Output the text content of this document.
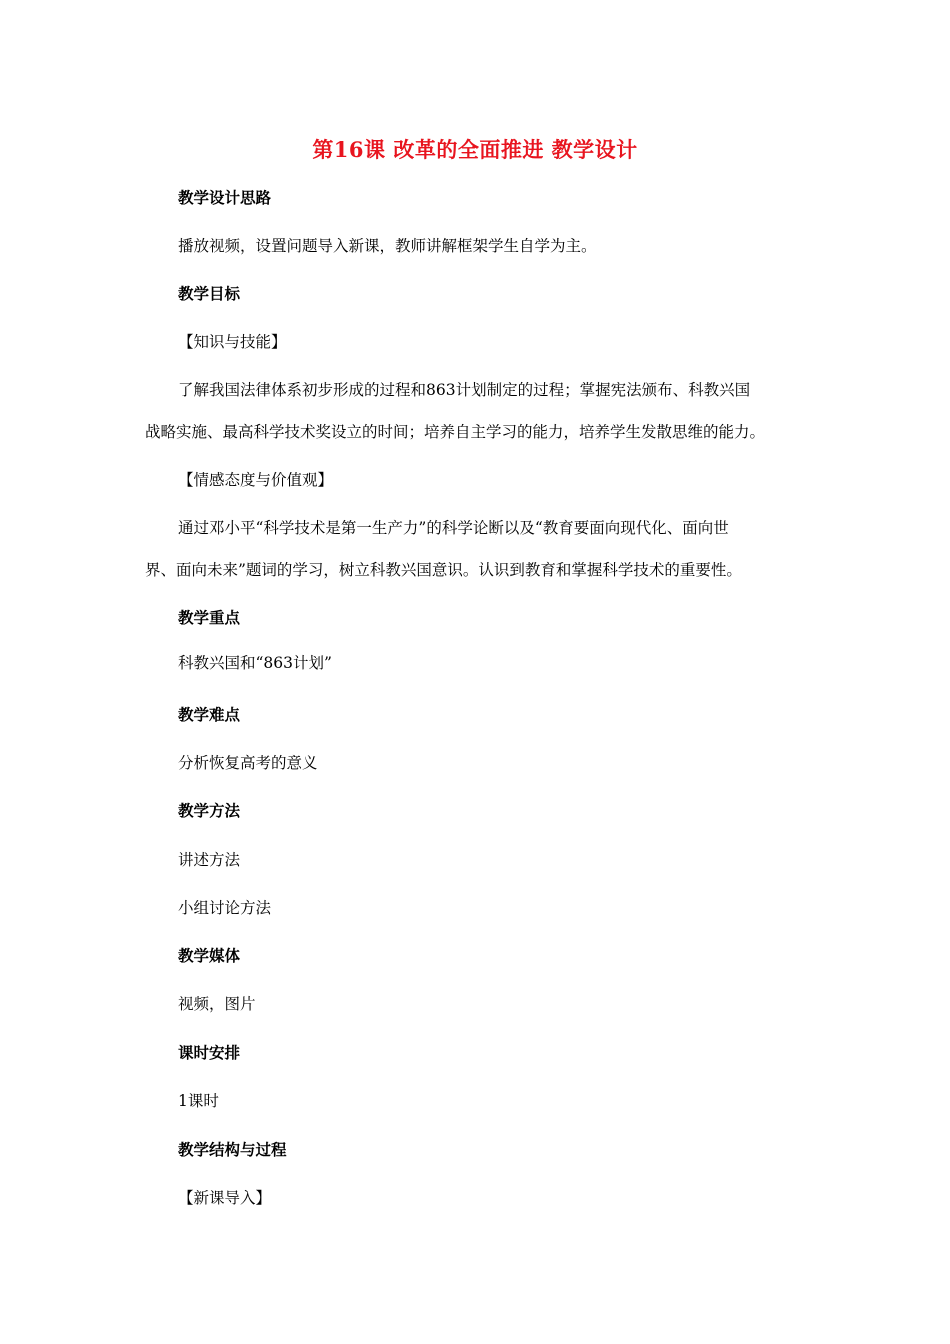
第16课 改革的全面推进 教学设计
教学设计思路
播放视频，设置问题导入新课，教师讲解框架学生自学为主。
教学目标
【知识与技能】
了解我国法律体系初步形成的过程和863计划制定的过程；掌握宪法颁布、科教兴国
战略实施、最高科学技术奖设立的时间；培养自主学习的能力，培养学生发散思维的能力。
【情感态度与价值观】
通过邓小平“科学技术是第一生产力”的科学论断以及“教育要面向现代化、面向世
界、面向未来”题词的学习，树立科教兴国意识。认识到教育和掌握科学技术的重要性。
教学重点
科教兴国和“863计划”
教学难点
分析恢复高考的意义
教学方法
讲述方法
小组讨论方法
教学媒体
视频，图片
课时安排
1课时
教学结构与过程
【新课导入】
